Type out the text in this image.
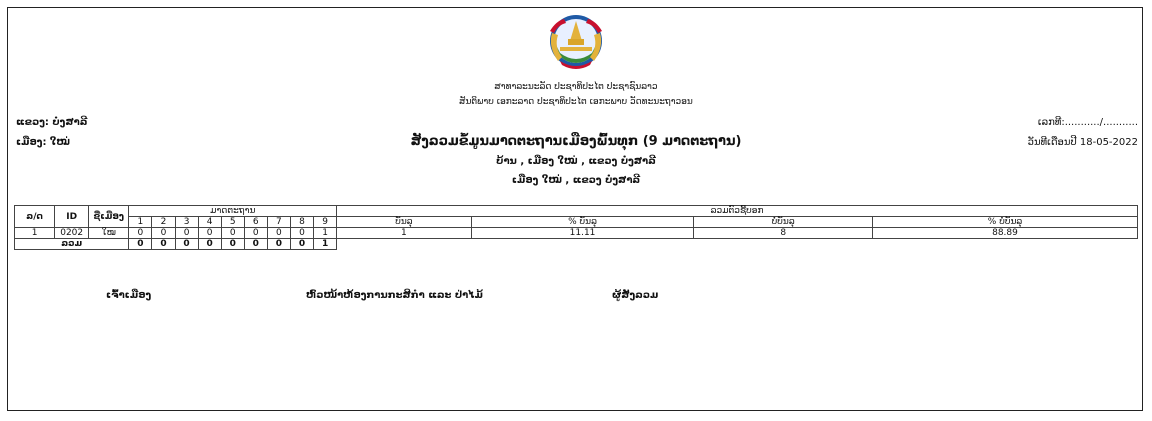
ສາທາລະນະລັດ ປະຊາທິປະໄຕ ປະຊາຊົນລາວ
ສັນຕິພາບ ເອກະລາດ ປະຊາທິປະໄຕ ເອກະພາບ ວັດທະນະຖາວອນ
ແຂວງ: ບໍ່ງສາລີ
ເມືອງ: ໃໝ່
ເລກທີ:.........../...........
ວັນທີເດືອນປີ 18-05-2022
ສັງລວມຂໍ້ມູນມາດຕະຖານເມືອງພົ້ນທຸກ (9 ມາດຕະຖານ)
ບ້ານ , ເມືອງ ໃໝ່ , ແຂວງ ບໍ່ງສາລີ
ເມືອງ ໃໝ່ , ແຂວງ ບໍ່ງສາລີ
ລ/ດ	ID	ຊື່ເມືອງ	ມາດຕະຖານ									ລວມຕົວຊີ້ບອກ			
			1	2	3	4	5	6	7	8	9	ບັນລຸ	% ບັນລຸ	ບໍ່ບັນລຸ	% ບໍ່ບັນລຸ
1	0202	ໃໝ	0	0	0	0	0	0	0	0	1	1	11.11	8	88.89
ລວມ			0	0	0	0	0	0	0	0	1				
ເຈົ້າເມືອງ	ຫົວໜ້າຫ້ອງການກະສິກຳ ແລະ ປ່າໄມ້	ຜູ້ສັງລວມ
